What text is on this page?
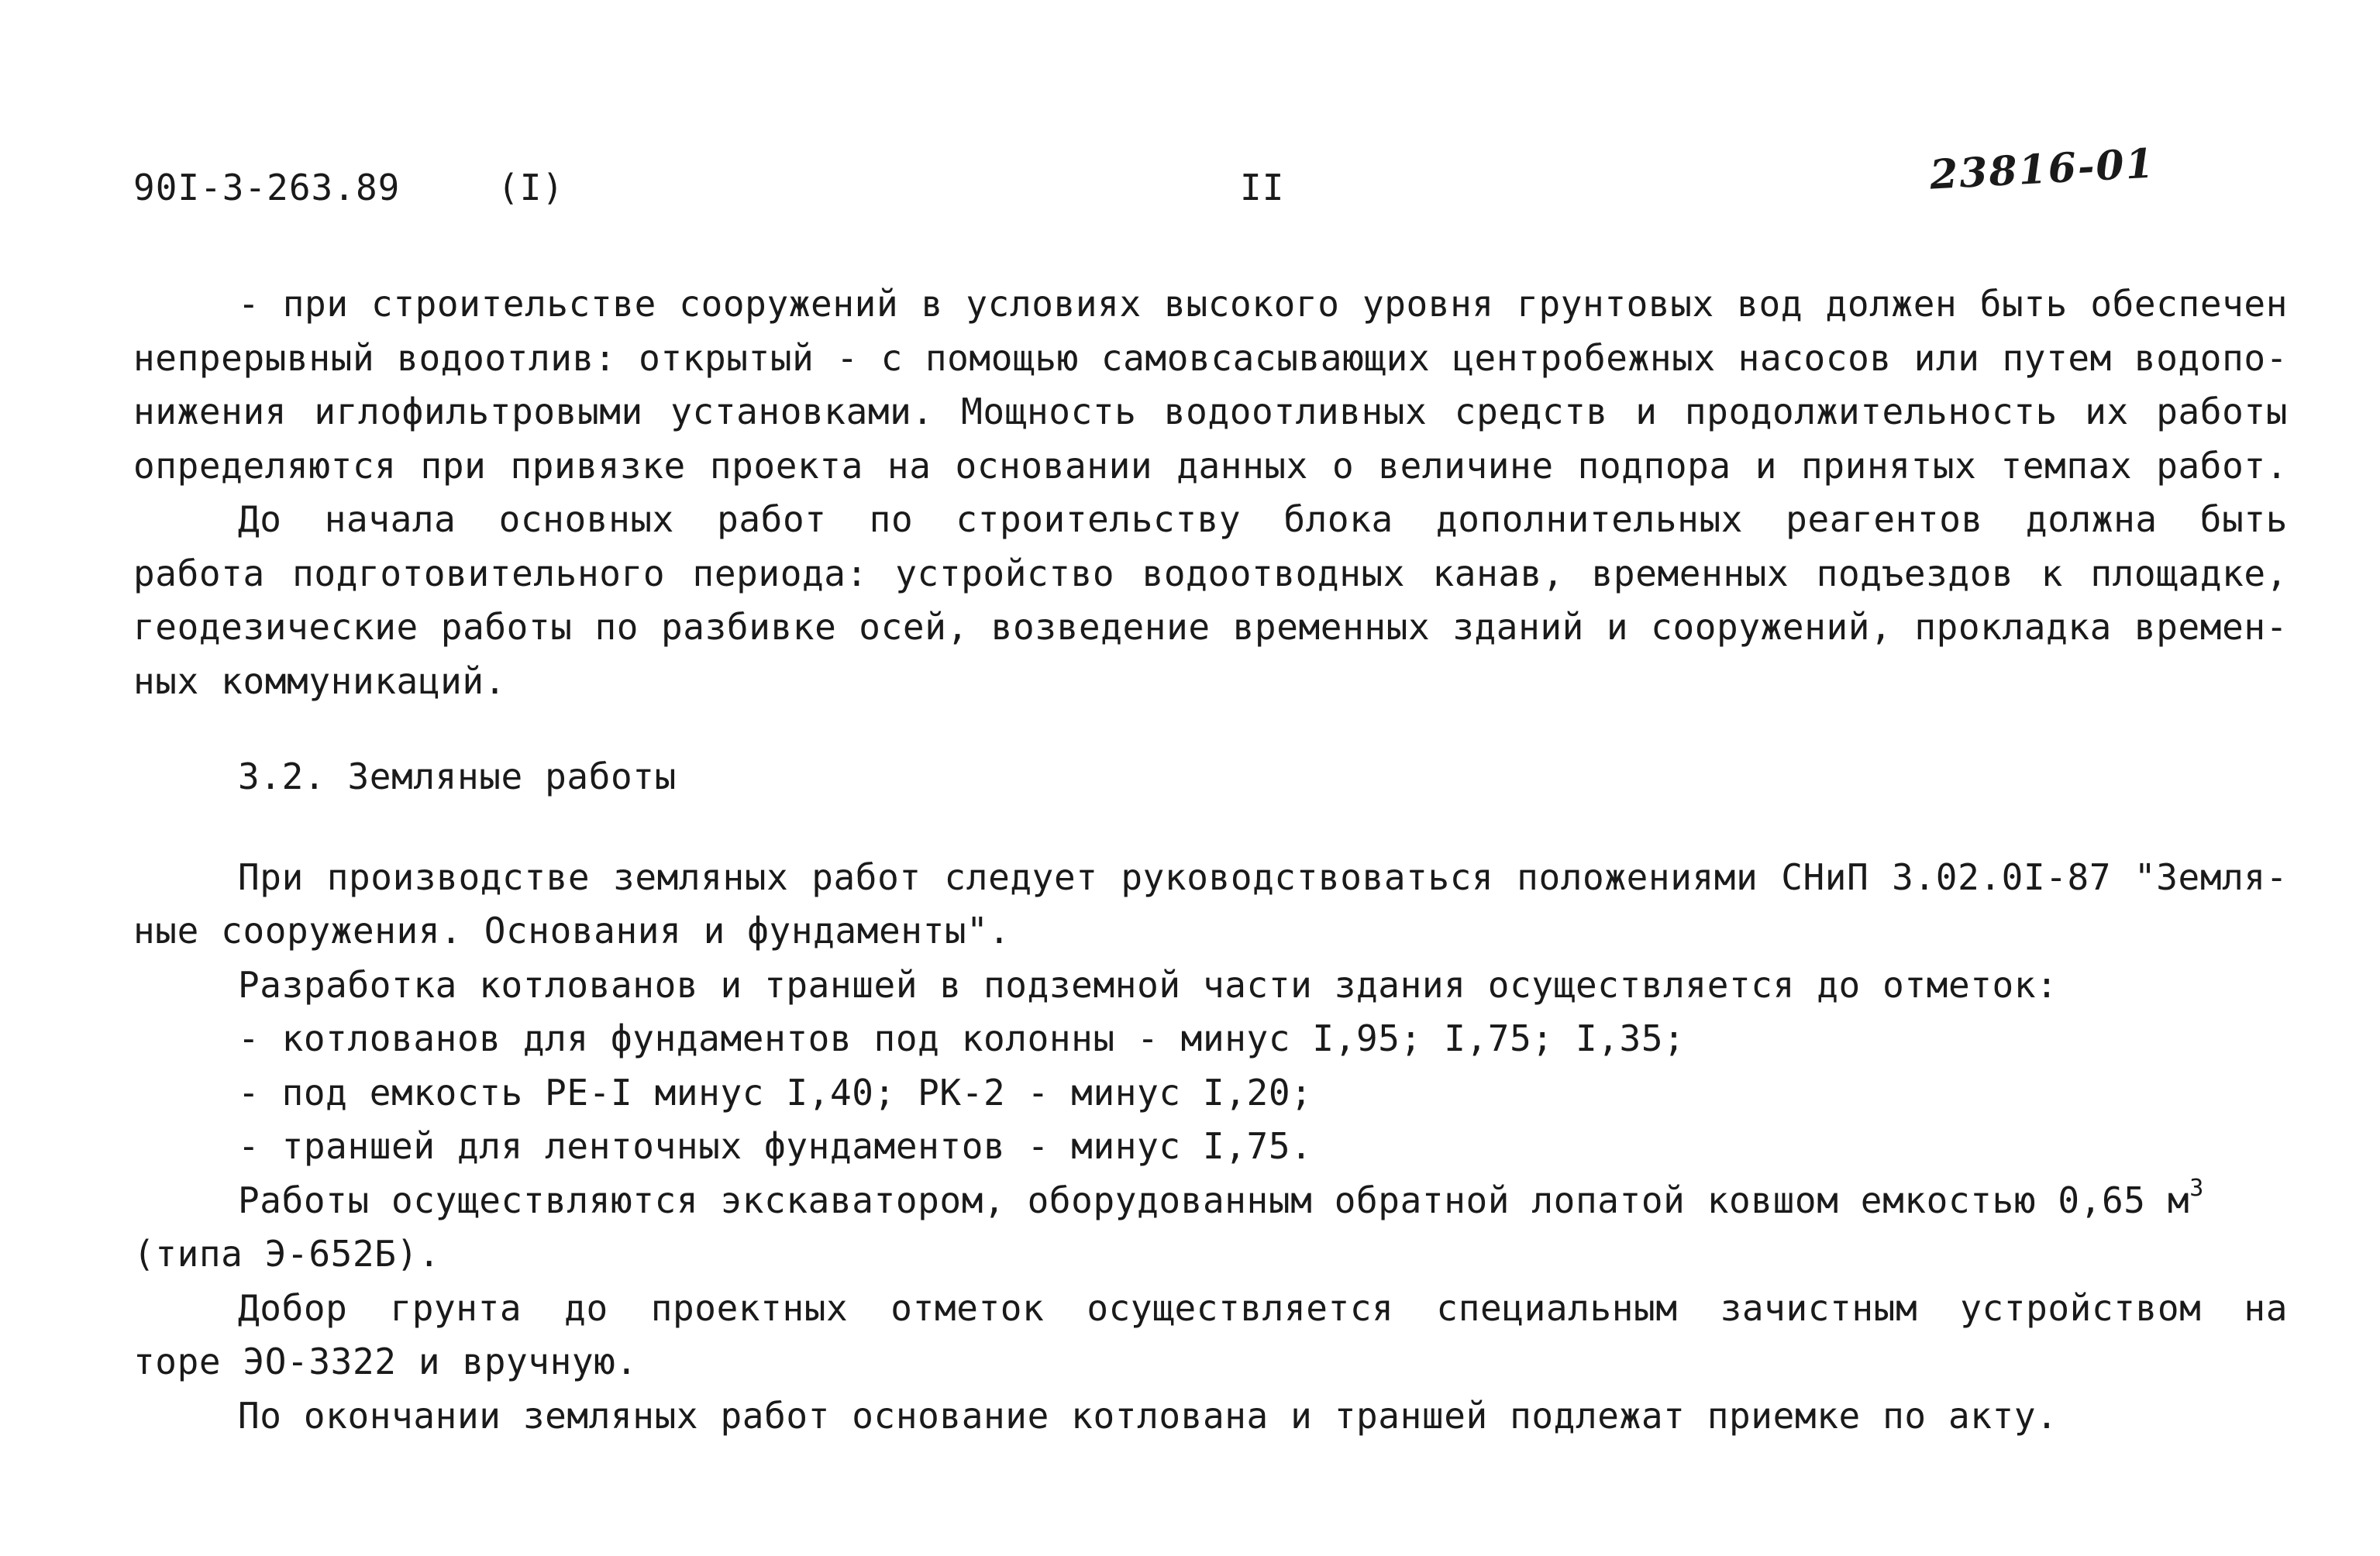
90I-3-263.89	(I)	II	23816-01
- при строительстве сооружений в условиях высокого уровня грунтовых вод должен быть обеспечен
непрерывный водоотлив: открытый - с помощью самовсасывающих центробежных насосов или путем водопо-
нижения иглофильтровыми установками. Мощность водоотливных средств и продолжительность их работы
определяются при привязке проекта на основании данных о величине подпора и принятых темпах работ.
До начала основных работ по строительству блока дополнительных реагентов должна быть
работа подготовительного периода: устройство водоотводных канав, временных подъездов к площадке,
геодезические работы по разбивке осей, возведение временных зданий и сооружений, прокладка времен-
ных коммуникаций.
3.2. Земляные работы
При производстве земляных работ следует руководствоваться положениями СНиП 3.02.0I-87 "Земля-
ные сооружения. Основания и фундаменты".
Разработка котлованов и траншей в подземной части здания осуществляется до отметок:
- котлованов для фундаментов под колонны - минус I,95; I,75; I,35;
- под емкость РЕ-I минус I,40; РК-2 - минус I,20;
- траншей для ленточных фундаментов - минус I,75.
Работы осуществляются экскаватором, оборудованным обратной лопатой ковшом емкостью 0,65 $м^3$
(типа Э-652Б).
Добор грунта до проектных отметок осуществляется специальным зачистным устройством на
торе ЭО-3322 и вручную.
По окончании земляных работ основание котлована и траншей подлежат приемке по акту.
